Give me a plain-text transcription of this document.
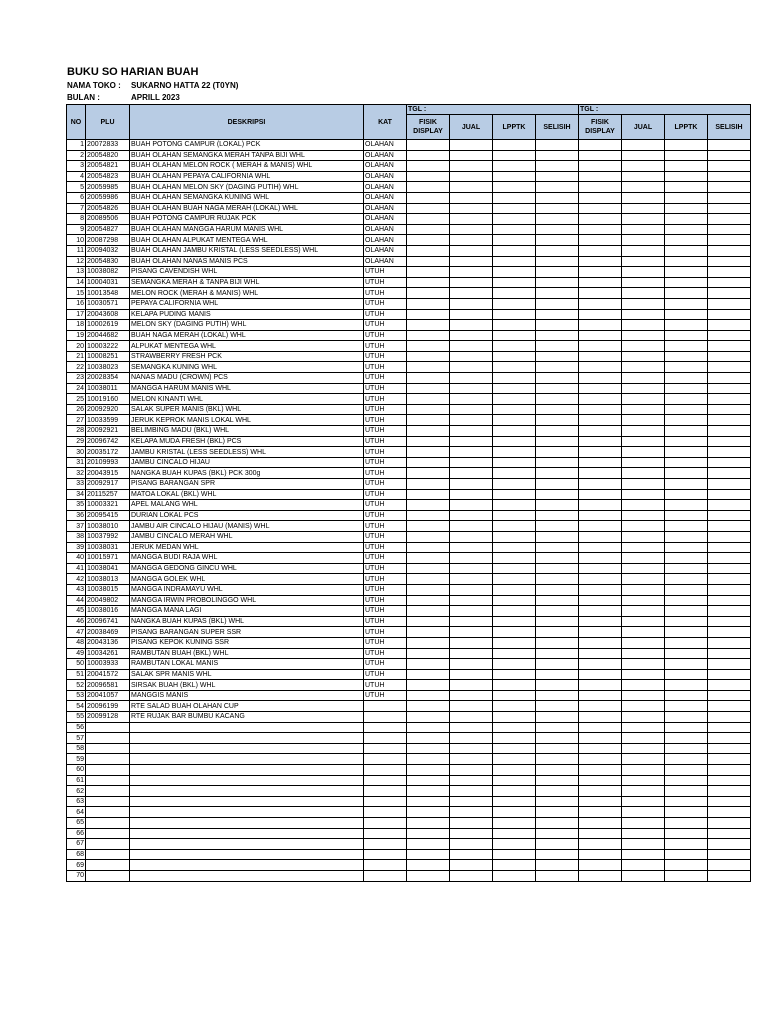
BUKU SO HARIAN BUAH
NAMA TOKO : SUKARNO HATTA 22 (T0YN)
BULAN :	APRILL 2023
NO	PLU	DESKRIPSI	KAT	TGL :				TGL :			
				FISIK DISPLAY	JUAL	LPPTK	SELISIH	FISIK DISPLAY	JUAL	LPPTK	SELISIH
1	20072833	BUAH POTONG CAMPUR (LOKAL) PCK	OLAHAN								
2	20054820	BUAH OLAHAN SEMANGKA MERAH TANPA BIJI WHL	OLAHAN								
3	20054821	BUAH OLAHAN MELON ROCK ( MERAH & MANIS) WHL	OLAHAN								
4	20054823	BUAH OLAHAN PEPAYA CALIFORNIA WHL	OLAHAN								
5	20059985	BUAH OLAHAN MELON SKY (DAGING PUTIH) WHL	OLAHAN								
6	20059986	BUAH OLAHAN SEMANGKA KUNING WHL	OLAHAN								
7	20054826	BUAH OLAHAN BUAH NAGA MERAH (LOKAL) WHL	OLAHAN								
8	20089506	BUAH POTONG CAMPUR RUJAK PCK	OLAHAN								
9	20054827	BUAH OLAHAN MANGGA HARUM MANIS WHL	OLAHAN								
10	20087298	BUAH OLAHAN ALPUKAT MENTEGA WHL	OLAHAN								
11	20094032	BUAH OLAHAN JAMBU KRISTAL (LESS SEEDLESS) WHL	OLAHAN								
12	20054830	BUAH OLAHAN NANAS MANIS PCS	OLAHAN								
13	10038082	PISANG CAVENDISH WHL	UTUH								
14	10004031	SEMANGKA MERAH & TANPA BIJI WHL	UTUH								
15	10013548	MELON ROCK (MERAH & MANIS) WHL	UTUH								
16	10030571	PEPAYA CALIFORNIA WHL	UTUH								
17	20043608	KELAPA PUDING MANIS	UTUH								
18	10002619	MELON SKY (DAGING PUTIH) WHL	UTUH								
19	20044682	BUAH NAGA MERAH (LOKAL) WHL	UTUH								
20	10003222	ALPUKAT MENTEGA WHL	UTUH								
21	10008251	STRAWBERRY FRESH PCK	UTUH								
22	10038023	SEMANGKA KUNING WHL	UTUH								
23	20028354	NANAS MADU (CROWN) PCS	UTUH								
24	10038011	MANGGA HARUM MANIS WHL	UTUH								
25	10019160	MELON KINANTI WHL	UTUH								
26	20092920	SALAK SUPER MANIS (BKL) WHL	UTUH								
27	10033599	JERUK KEPROK MANIS LOKAL WHL	UTUH								
28	20092921	BELIMBING MADU (BKL) WHL	UTUH								
29	20096742	KELAPA MUDA FRESH (BKL) PCS	UTUH								
30	20035172	JAMBU KRISTAL (LESS SEEDLESS) WHL	UTUH								
31	20109993	JAMBU CINCALO HIJAU	UTUH								
32	20043915	NANGKA BUAH KUPAS (BKL) PCK 300g	UTUH								
33	20092917	PISANG BARANGAN SPR	UTUH								
34	20115257	MATOA LOKAL (BKL) WHL	UTUH								
35	10003321	APEL MALANG WHL	UTUH								
36	20095415	DURIAN LOKAL PCS	UTUH								
37	10038010	JAMBU AIR CINCALO HIJAU (MANIS) WHL	UTUH								
38	10037992	JAMBU CINCALO MERAH WHL	UTUH								
39	10038031	JERUK MEDAN WHL	UTUH								
40	10015971	MANGGA BUDI RAJA WHL	UTUH								
41	10038041	MANGGA GEDONG GINCU WHL	UTUH								
42	10038013	MANGGA GOLEK WHL	UTUH								
43	10038015	MANGGA INDRAMAYU WHL	UTUH								
44	20049802	MANGGA IRWIN PROBOLINGGO WHL	UTUH								
45	10038016	MANGGA MANA LAGI	UTUH								
46	20096741	NANGKA BUAH KUPAS (BKL) WHL	UTUH								
47	20038469	PISANG BARANGAN SUPER SSR	UTUH								
48	20043136	PISANG KEPOK KUNING SSR	UTUH								
49	10034261	RAMBUTAN BUAH (BKL) WHL	UTUH								
50	10003933	RAMBUTAN LOKAL MANIS	UTUH								
51	20041572	SALAK SPR MANIS WHL	UTUH								
52	20096581	SIRSAK BUAH (BKL) WHL	UTUH								
53	20041057	MANGGIS MANIS	UTUH								
54	20096199	RTE SALAD BUAH OLAHAN CUP									
55	20099128	RTE RUJAK BAR BUMBU KACANG									
56											
57											
58											
59											
60											
61											
62											
63											
64											
65											
66											
67											
68											
69											
70											
